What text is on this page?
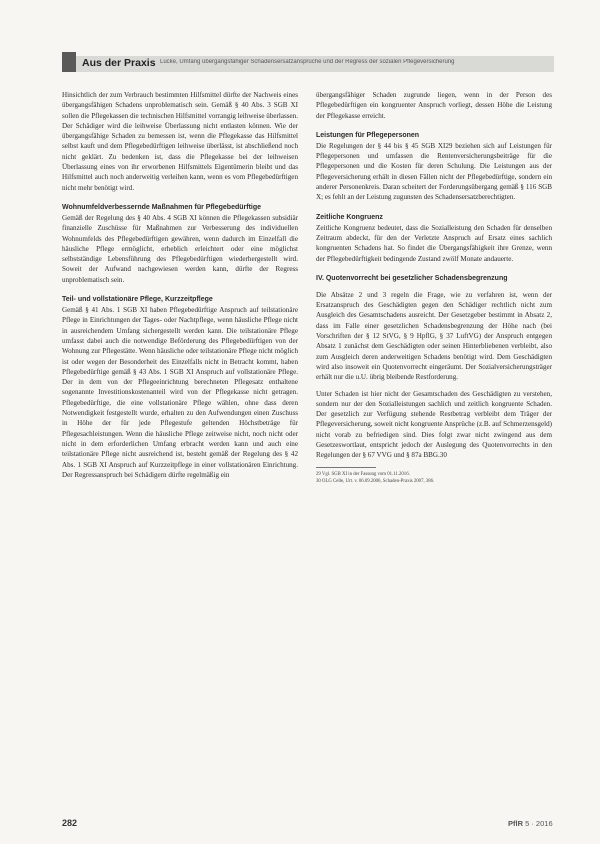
Aus der Praxis Lücke, Umfang übergangsfähiger Schadensersatzansprüche und der Regress der sozialen Pflegeversicherung

Hinsichtlich der zum Verbrauch bestimmten Hilfsmittel dürfte der Nachweis eines übergangsfähigen Schadens unproblematisch sein. Gemäß § 40 Abs. 3 SGB XI sollen die Pflegekassen die technischen Hilfsmittel vorrangig leihweise überlassen. Der Schädiger wird die leihweise Überlassung nicht entlasten können. Wie der übergangsfähige Schaden zu bemessen ist, wenn die Pflegekasse das Hilfsmittel selbst kauft und dem Pflegebedürftigen leihweise überlässt, ist abschließend noch nicht geklärt. Zu bedenken ist, dass die Pflegekasse bei der leihweisen Überlassung eines von ihr erworbenen Hilfsmittels Eigentümerin bleibt und das Hilfsmittel auch noch anderweitig verleihen kann, wenn es vom Pflegebedürftigen nicht mehr benötigt wird.

Wohnumfeldverbessernde Maßnahmen für Pflegebedürftige

Gemäß der Regelung des § 40 Abs. 4 SGB XI können die Pflegekassen subsidiär finanzielle Zuschüsse für Maßnahmen zur Verbesserung des individuellen Wohnumfelds des Pflegebedürftigen gewähren, wenn dadurch im Einzelfall die häusliche Pflege ermöglicht, erheblich erleichtert oder eine möglichst selbstständige Lebensführung des Pflegebedürftigen wiederhergestellt wird. Soweit der Aufwand nachgewiesen werden kann, dürfte der Regress unproblematisch sein.

Teil- und vollstationäre Pflege, Kurzzeitpflege

Gemäß § 41 Abs. 1 SGB XI haben Pflegebedürftige Anspruch auf teilstationäre Pflege in Einrichtungen der Tages- oder Nachtpflege, wenn häusliche Pflege nicht in ausreichendem Umfang sichergestellt werden kann. Die teilstationäre Pflege umfasst dabei auch die notwendige Beförderung des Pflegebedürftigen von der Wohnung zur Pflegestätte. Wenn häusliche oder teilstationäre Pflege nicht möglich ist oder wegen der Besonderheit des Einzelfalls nicht in Betracht kommt, haben Pflegebedürftige gemäß § 43 Abs. 1 SGB XI Anspruch auf vollstationäre Pflege. Der in dem von der Pflegeeinrichtung berechneten Pflegesatz enthaltene sogenannte Investitionskostenanteil wird von der Pflegekasse nicht getragen. Pflegebedürftige, die eine vollstationäre Pflege wählen, ohne dass deren Notwendigkeit festgestellt wurde, erhalten zu den Aufwendungen einen Zuschuss in Höhe der für jede Pflegestufe geltenden Höchstbeträge für Pflegesachleistungen. Wenn die häusliche Pflege zeitweise nicht, noch nicht oder nicht in dem erforderlichen Umfang erbracht werden kann und auch eine teilstationäre Pflege nicht ausreichend ist, besteht gemäß der Regelung des § 42 Abs. 1 SGB XI Anspruch auf Kurzzeitpflege in einer vollstationären Einrichtung. Der Regressanspruch bei Schädigern dürfte regelmäßig ein

übergangsfähiger Schaden zugrunde liegen, wenn in der Person des Pflegebedürftigen ein kongruenter Anspruch vorliegt, dessen Höhe die Leistung der Pflegekasse erreicht.

Leistungen für Pflegepersonen

Die Regelungen der § 44 bis § 45 SGB XI29 beziehen sich auf Leistungen für Pflegepersonen und umfassen die Rentenversicherungsbeiträge für die Pflegepersonen und die Kosten für deren Schulung. Die Leistungen aus der Pflegeversicherung erhält in diesen Fällen nicht der Pflegebedürftige, sondern ein anderer Personenkreis. Daran scheitert der Forderungsübergang gemäß § 116 SGB X; es fehlt an der Leistung zugunsten des Schadensersatzberechtigten.

Zeitliche Kongruenz

Zeitliche Kongruenz bedeutet, dass die Sozialleistung den Schaden für denselben Zeitraum abdeckt, für den der Verletzte Anspruch auf Ersatz eines sachlich kongruenten Schadens hat. So findet die Übergangsfähigkeit ihre Grenze, wenn der Pflegebedürftigkeit bedingende Zustand zwölf Monate andauerte.

IV. Quotenvorrecht bei gesetzlicher Schadensbegrenzung

Die Absätze 2 und 3 regeln die Frage, wie zu verfahren ist, wenn der Ersatzanspruch des Geschädigten gegen den Schädiger rechtlich nicht zum Ausgleich des Gesamtschadens ausreicht. Der Gesetzgeber bestimmt in Absatz 2, dass im Falle einer gesetzlichen Schadensbegrenzung der Höhe nach (bei Vorschriften der § 12 StVG, § 9 HpflG, § 37 LuftVG) der Anspruch entgegen Absatz 1 zunächst dem Geschädigten oder seinen Hinterbliebenen verbleibt, also zum Ausgleich deren anderweitigen Schadens benötigt wird. Dem Geschädigten wird also insoweit ein Quotenvorrecht eingeräumt. Der Sozialversicherungsträger erhält nur die u.U. übrig bleibende Restforderung.

Unter Schaden ist hier nicht der Gesamtschaden des Geschädigten zu verstehen, sondern nur der den Sozialleistungen sachlich und zeitlich kongruente Schaden. Der gesetzlich zur Verfügung stehende Restbetrag verbleibt dem Träger der Pflegeversicherung, soweit nicht kongruente Ansprüche (z.B. auf Schmerzensgeld) nicht vorab zu befriedigen sind. Dies folgt zwar nicht zwingend aus dem Gesetzeswortlaut, entspricht jedoch der Auslegung des Quotenvorrechts in den Regelungen der § 67 VVG und § 87a BBG.30

29 Vgl. SGB XI in der Fassung vom 01.11.2016.

30 OLG Celle, Urt. v. 06.09.2006, Schaden-Praxis 2007, 386.

282	PflR 5 · 2016
